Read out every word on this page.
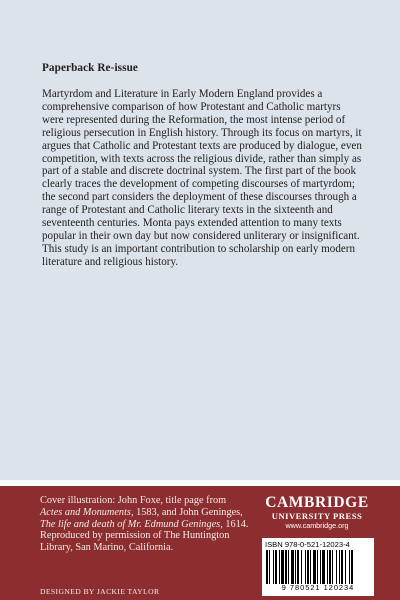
Paperback Re-issue

Martyrdom and Literature in Early Modern England provides a comprehensive comparison of how Protestant and Catholic martyrs were represented during the Reformation, the most intense period of religious persecution in English history. Through its focus on martyrs, it argues that Catholic and Protestant texts are produced by dialogue, even competition, with texts across the religious divide, rather than simply as part of a stable and discrete doctrinal system. The first part of the book clearly traces the development of competing discourses of martyrdom; the second part considers the deployment of these discourses through a range of Protestant and Catholic literary texts in the sixteenth and seventeenth centuries. Monta pays extended attention to many texts popular in their own day but now considered unliterary or insignificant. This study is an important contribution to scholarship on early modern literature and religious history.

Cover illustration: John Foxe, title page from Actes and Monuments, 1583, and John Geninges, The life and death of Mr. Edmund Geninges, 1614. Reproduced by permission of The Huntington Library, San Marino, California.
DESIGNED BY JACKIE TAYLOR
CAMBRIDGE
UNIVERSITY PRESS
www.cambridge.org
ISBN 978-0-521-12023-4
9 780521 120234
